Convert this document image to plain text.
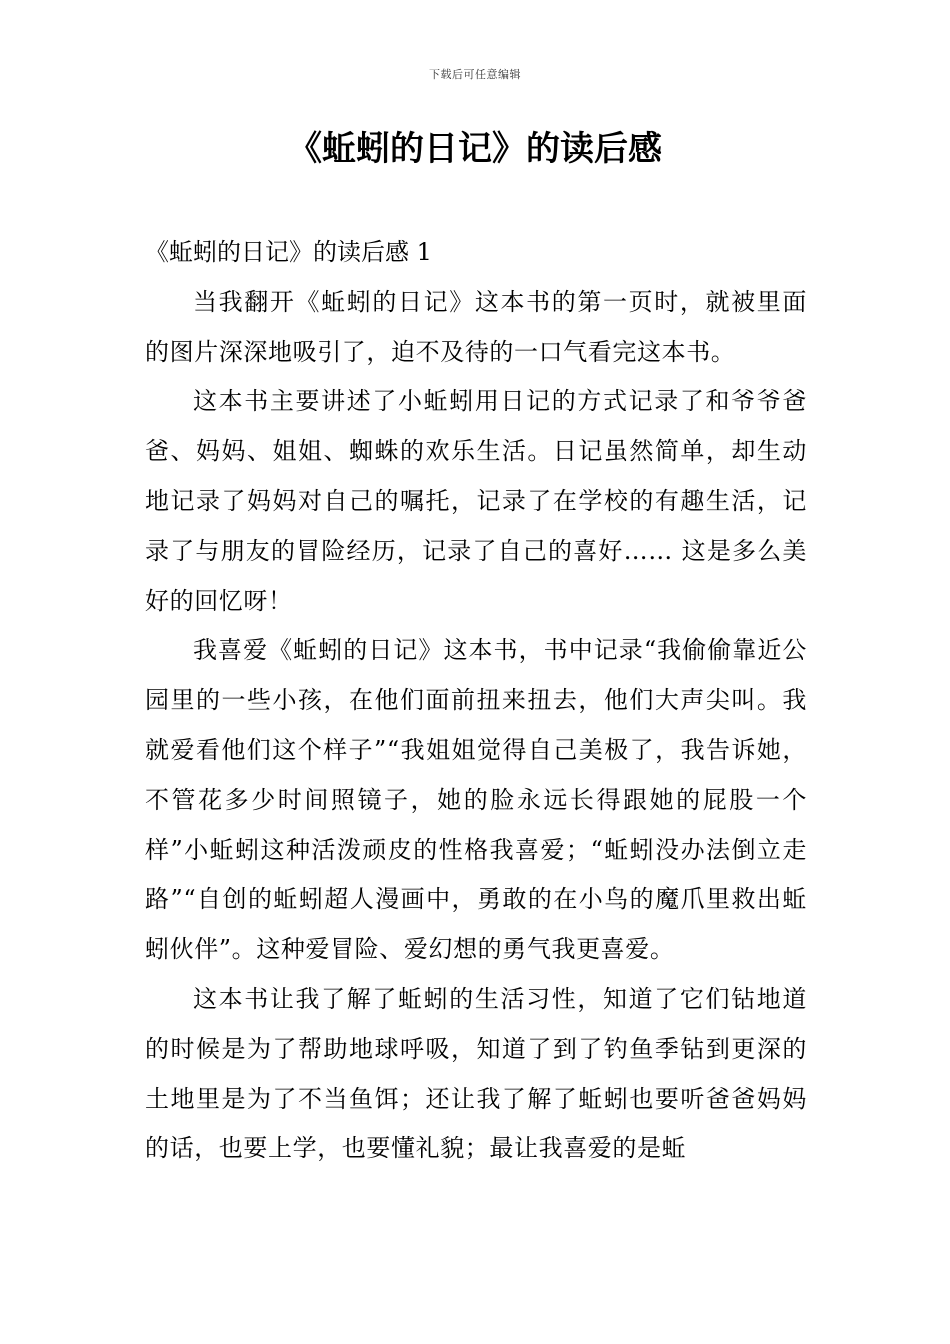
下载后可任意编辑
《蚯蚓的日记》的读后感

《蚯蚓的日记》的读后感 1

当我翻开《蚯蚓的日记》这本书的第一页时，就被里面的图片深深地吸引了，迫不及待的一口气看完这本书。

这本书主要讲述了小蚯蚓用日记的方式记录了和爷爷爸爸、妈妈、姐姐、蜘蛛的欢乐生活。日记虽然简单，却生动地记录了妈妈对自己的嘱托，记录了在学校的有趣生活，记录了与朋友的冒险经历，记录了自己的喜好…… 这是多么美好的回忆呀！

我喜爱《蚯蚓的日记》这本书，书中记录“我偷偷靠近公园里的一些小孩，在他们面前扭来扭去，他们大声尖叫。我就爱看他们这个样子”“我姐姐觉得自己美极了，我告诉她，不管花多少时间照镜子，她的脸永远长得跟她的屁股一个样”小蚯蚓这种活泼顽皮的性格我喜爱；“蚯蚓没办法倒立走路”“自创的蚯蚓超人漫画中，勇敢的在小鸟的魔爪里救出蚯蚓伙伴”。这种爱冒险、爱幻想的勇气我更喜爱。

这本书让我了解了蚯蚓的生活习性，知道了它们钻地道的时候是为了帮助地球呼吸，知道了到了钓鱼季钻到更深的土地里是为了不当鱼饵；还让我了解了蚯蚓也要听爸爸妈妈的话，也要上学，也要懂礼貌；最让我喜爱的是蚯
